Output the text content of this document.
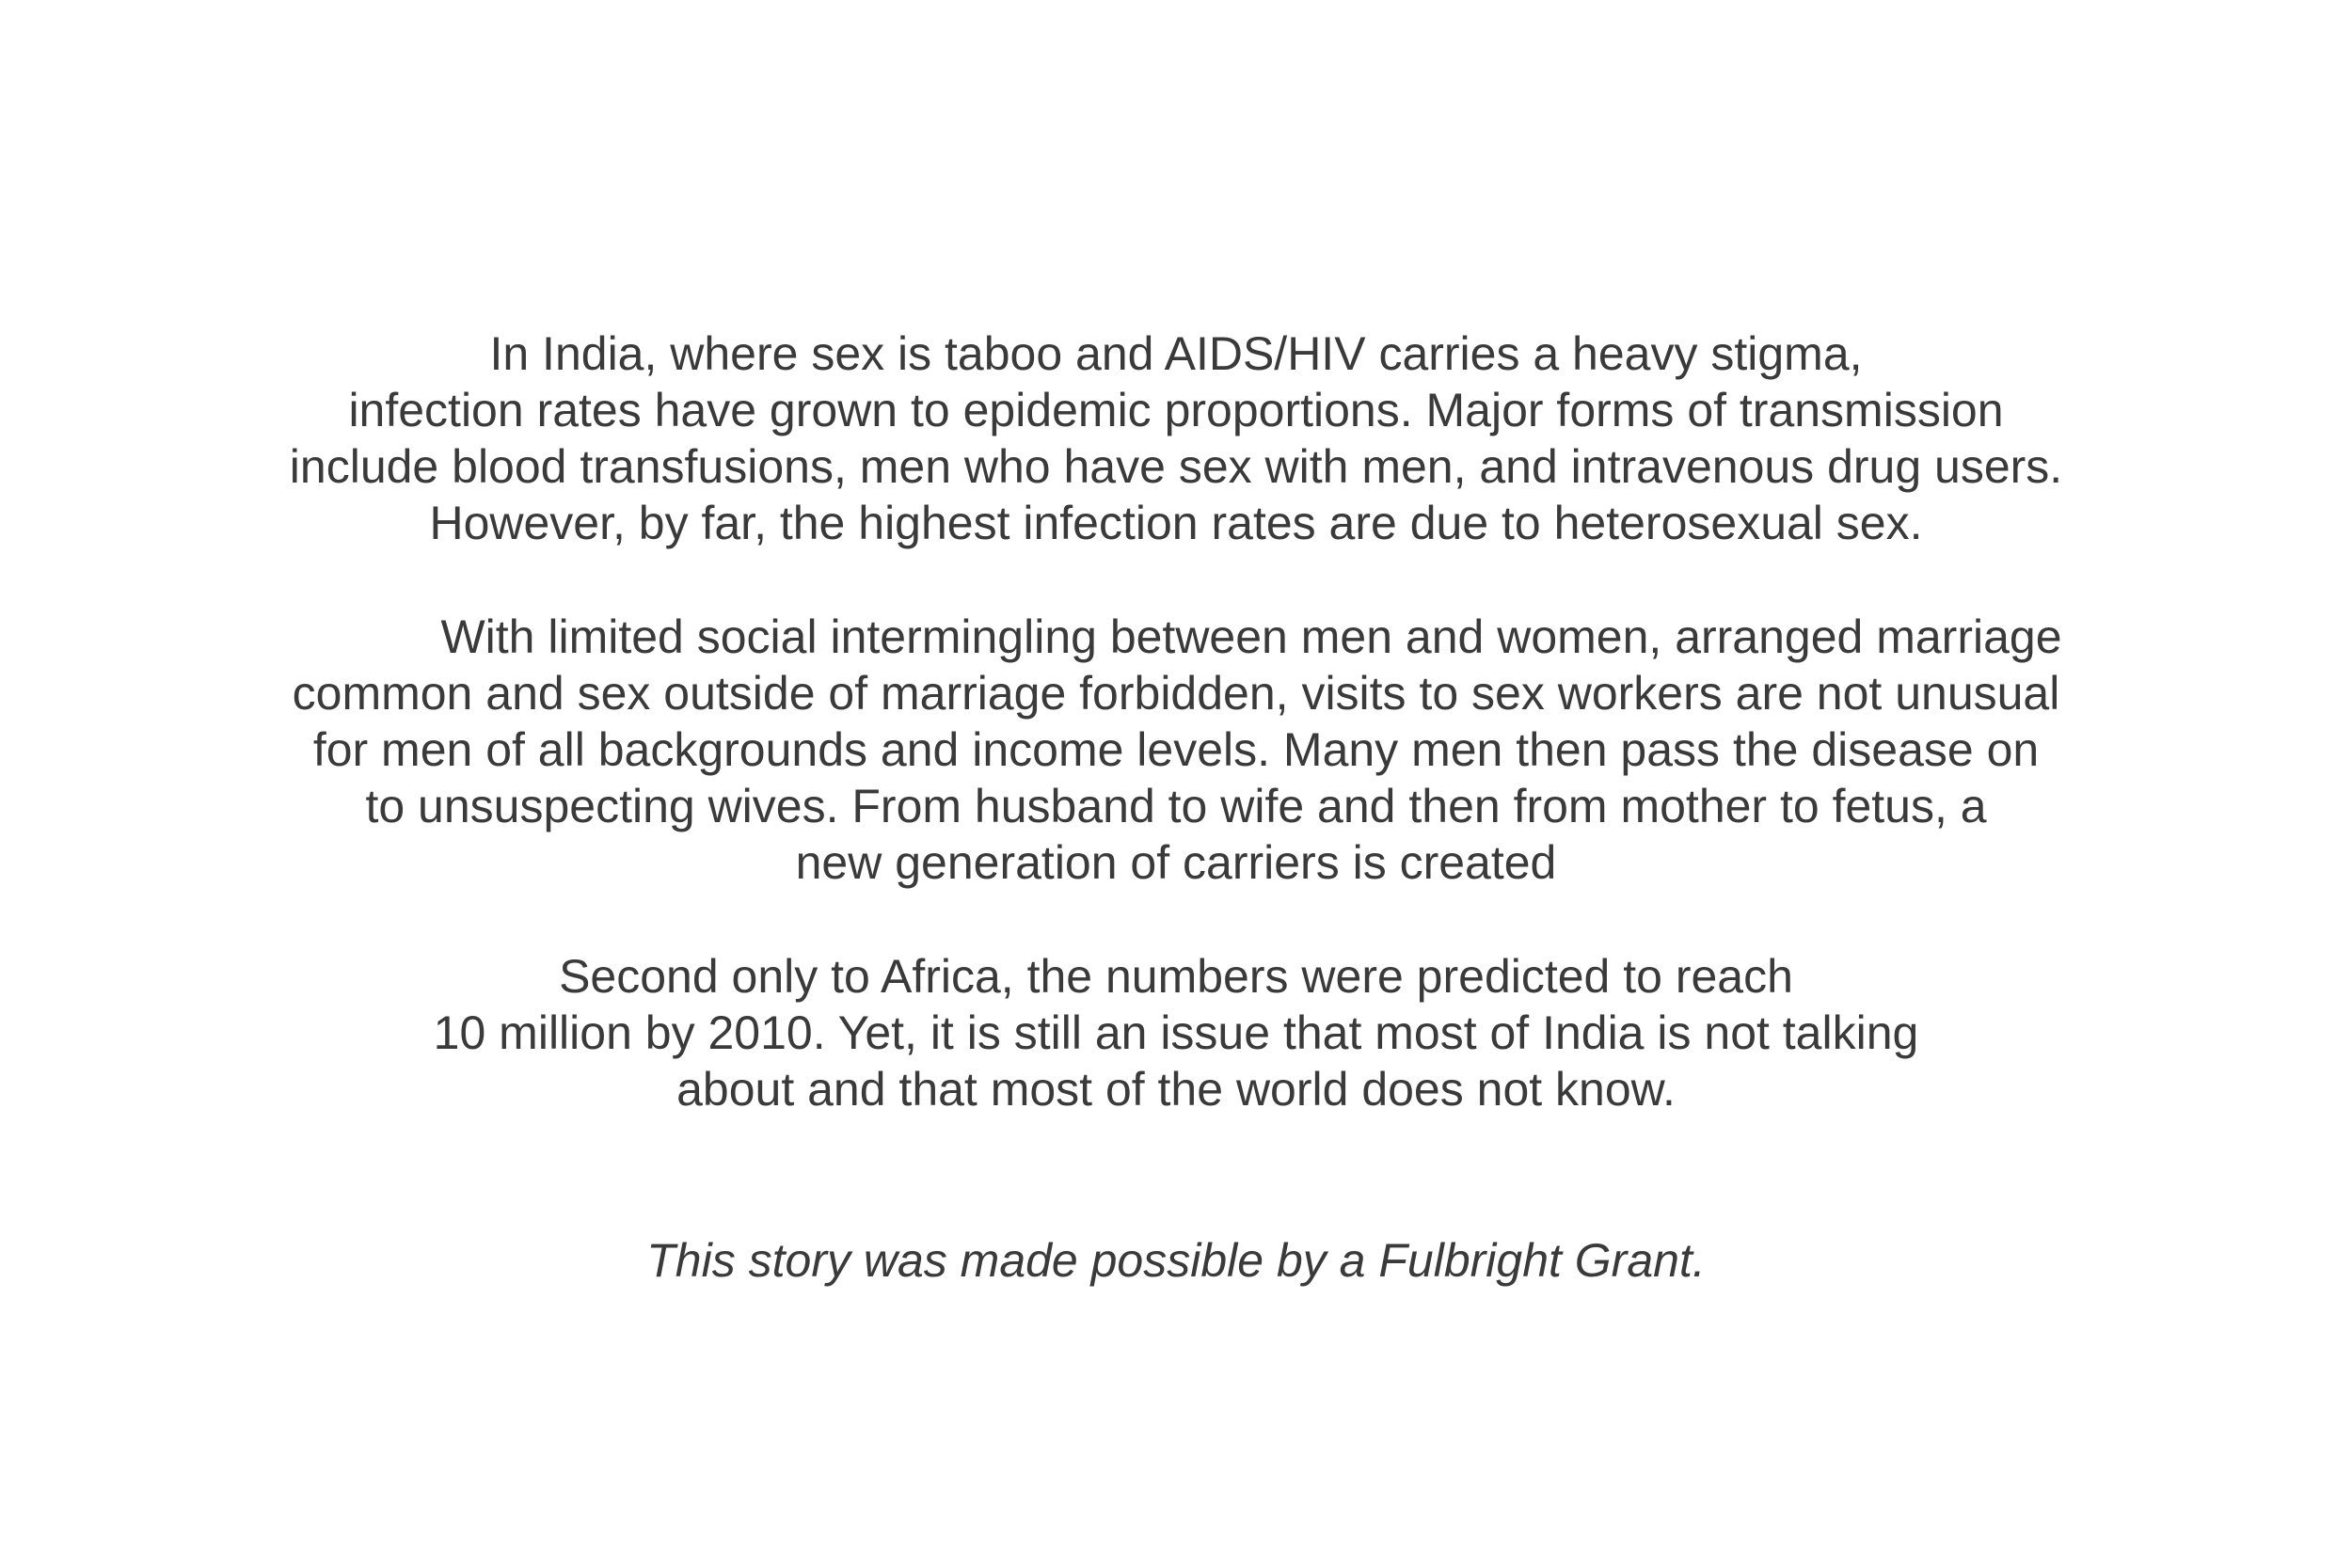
In India, where sex is taboo and AIDS/HIV carries a heavy stigma,
infection rates have grown to epidemic proportions. Major forms of transmission
include blood transfusions, men who have sex with men, and intravenous drug users.
However, by far, the highest infection rates are due to heterosexual sex.
With limited social intermingling between men and women, arranged marriage
common and sex outside of marriage forbidden, visits to sex workers are not unusual
for men of all backgrounds and income levels. Many men then pass the disease on
to unsuspecting wives. From husband to wife and then from mother to fetus, a
new generation of carriers is created
Second only to Africa, the numbers were predicted to reach
10 million by 2010. Yet, it is still an issue that most of India is not talking
about and that most of the world does not know.
This story was made possible by a Fulbright Grant.
